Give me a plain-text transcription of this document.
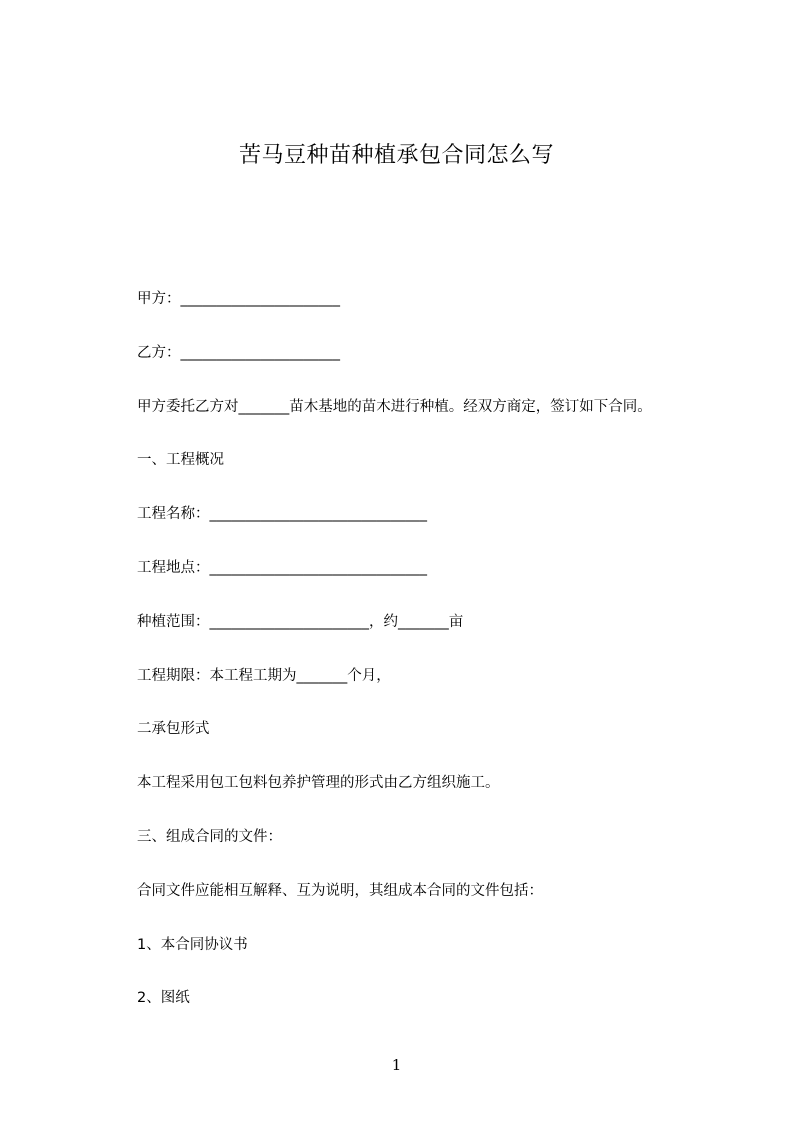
苦马豆种苗种植承包合同怎么写

甲方：______________________

乙方：______________________

甲方委托乙方对_______苗木基地的苗木进行种植。经双方商定，签订如下合同。

一、工程概况

工程名称：______________________________

工程地点：______________________________

种植范围：______________________，约_______亩

工程期限：本工程工期为_______个月，

二承包形式

本工程采用包工包料包养护管理的形式由乙方组织施工。

三、组成合同的文件：

合同文件应能相互解释、互为说明，其组成本合同的文件包括：

1、本合同协议书

2、图纸

1
